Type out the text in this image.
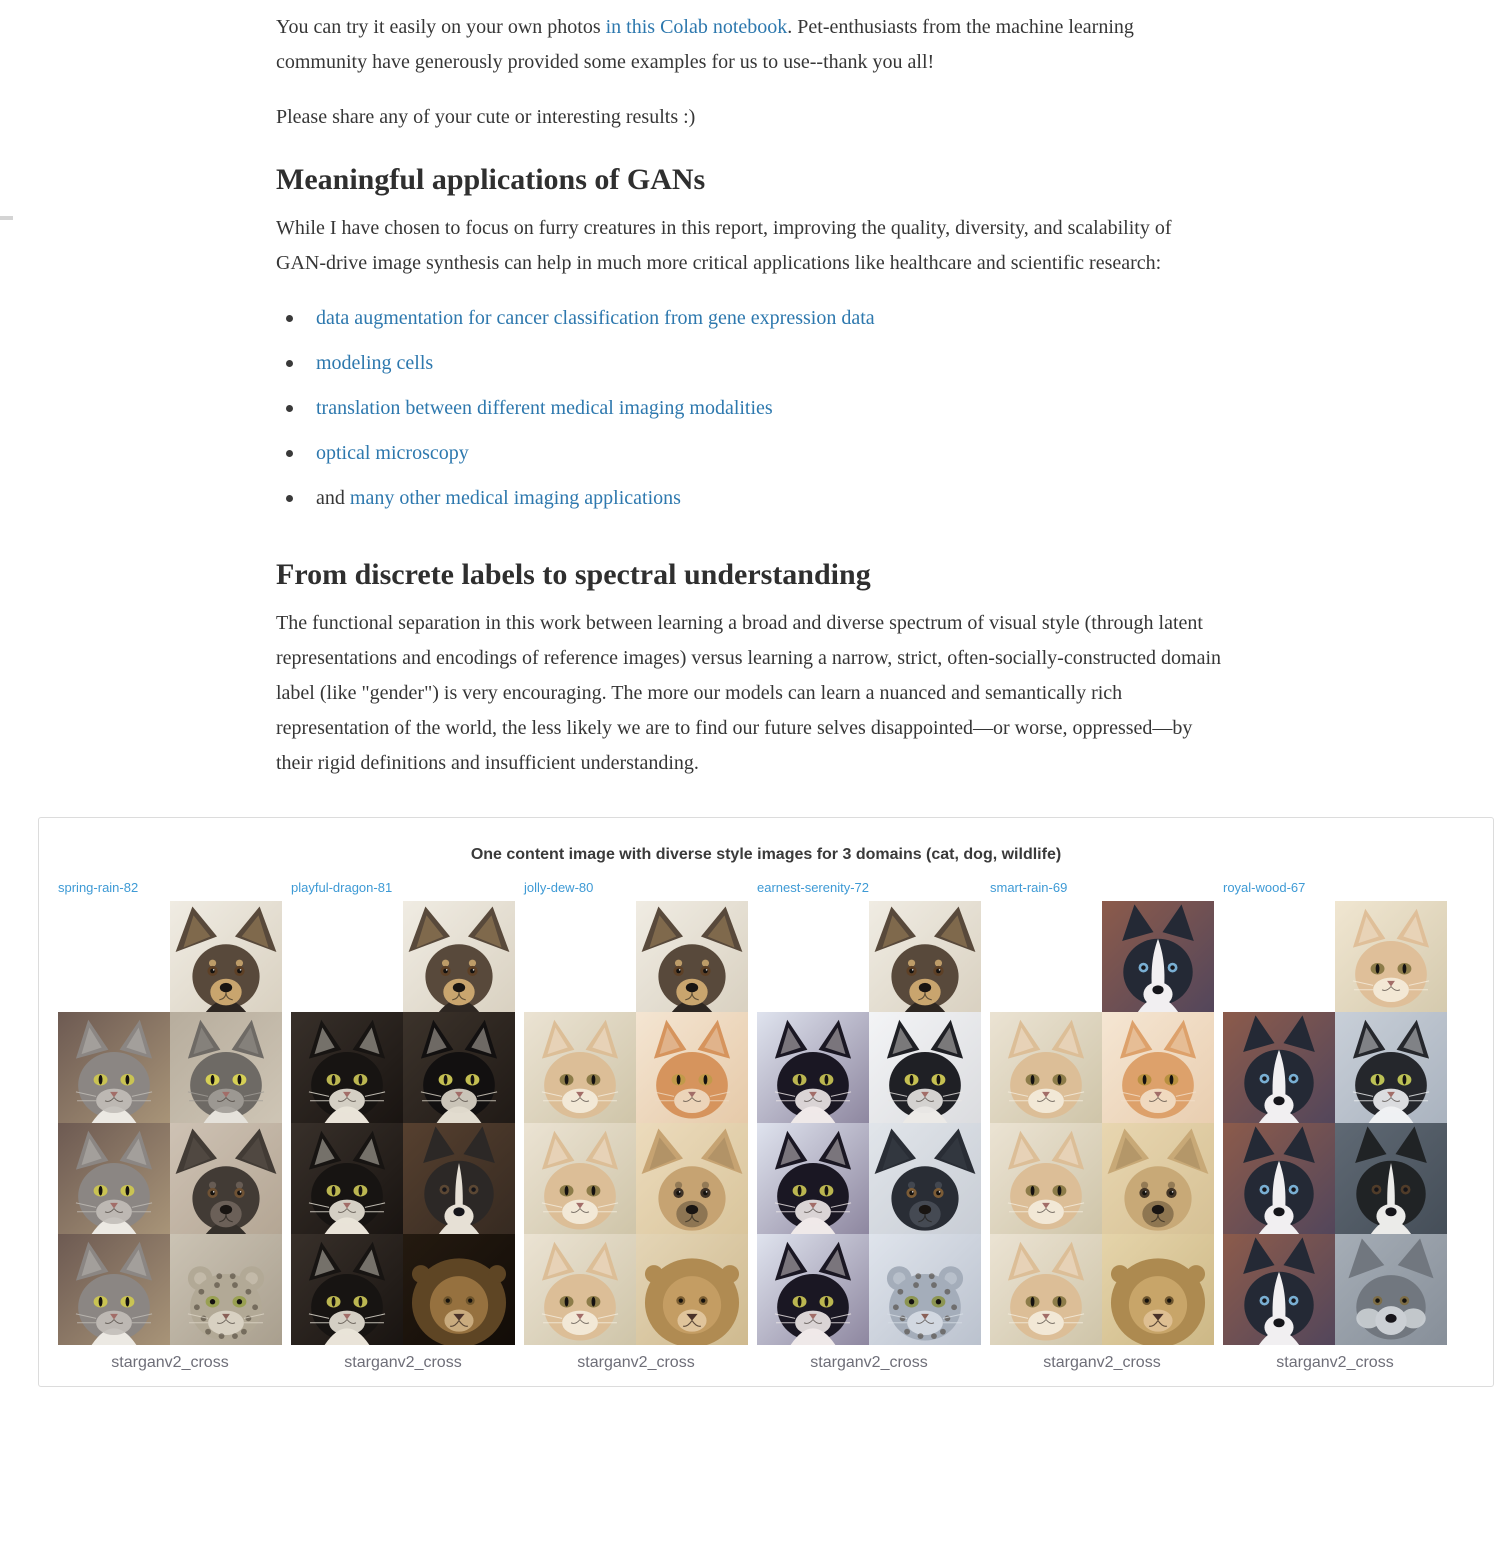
You can try it easily on your own photos in this Colab notebook. Pet-enthusiasts from the machine learning community have generously provided some examples for us to use--thank you all!

Please share any of your cute or interesting results :)

Meaningful applications of GANs

While I have chosen to focus on furry creatures in this report, improving the quality, diversity, and scalability of GAN-drive image synthesis can help in much more critical applications like healthcare and scientific research:

data augmentation for cancer classification from gene expression data
modeling cells
translation between different medical imaging modalities
optical microscopy
and many other medical imaging applications
From discrete labels to spectral understanding

The functional separation in this work between learning a broad and diverse spectrum of visual style (through latent representations and encodings of reference images) versus learning a narrow, strict, often-socially-constructed domain label (like "gender") is very encouraging. The more our models can learn a nuanced and semantically rich representation of the world, the less likely we are to find our future selves disappointed—or worse, oppressed—by their rigid definitions and insufficient understanding.

One content image with diverse style images for 3 domains (cat, dog, wildlife)
spring-rain-82
starganv2_cross
playful-dragon-81
starganv2_cross
jolly-dew-80
starganv2_cross
earnest-serenity-72
starganv2_cross
smart-rain-69
starganv2_cross
royal-wood-67
starganv2_cross
